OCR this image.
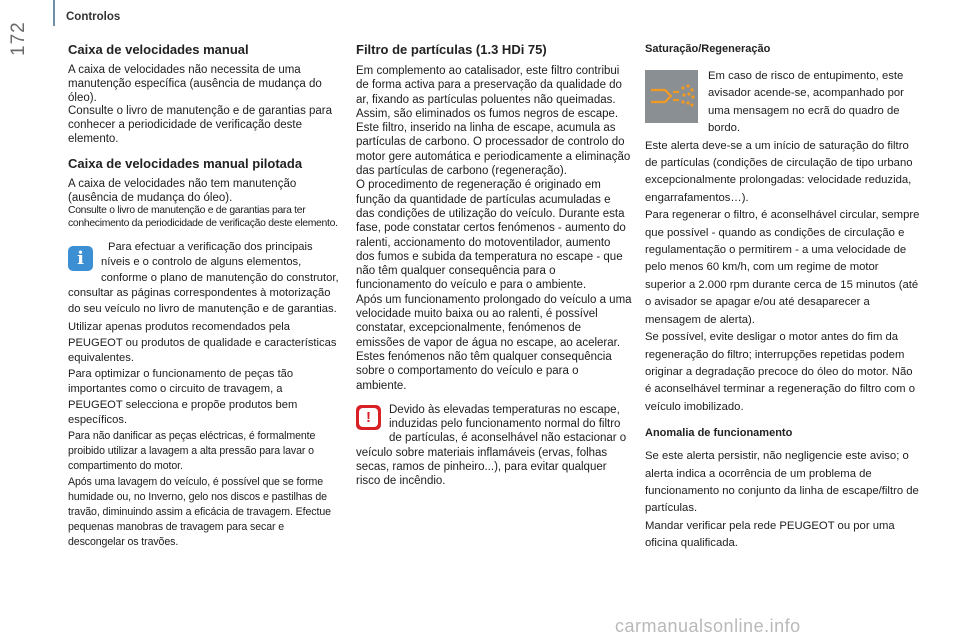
Controlos
172	Caixa de velocidades manual

A caixa de velocidades não necessita de uma manutenção específica (ausência de mudança do óleo).

Consulte o livro de manutenção e de garantias para conhecer a periodicidade de verificação deste elemento.

Caixa de velocidades manual pilotada

A caixa de velocidades não tem manutenção (ausência de mudança do óleo).

Consulte o livro de manutenção e de garantias para ter conhecimento da periodicidade de verificação deste elemento.

i

Para efectuar a verificação dos principais níveis e o controlo de alguns elementos, conforme o plano de manutenção do construtor, consultar as páginas correspondentes à motorização do seu veículo no livro de manutenção e de garantias.

Utilizar apenas produtos recomendados pela PEUGEOT ou produtos de qualidade e características equivalentes.

Para optimizar o funcionamento de peças tão importantes como o circuito de travagem, a PEUGEOT selecciona e propõe produtos bem específicos.

Para não danificar as peças eléctricas, é formalmente proibido utilizar a lavagem a alta pressão para lavar o compartimento do motor.

Após uma lavagem do veículo, é possível que se forme humidade ou, no Inverno, gelo nos discos e pastilhas de travão, diminuindo assim a eficácia de travagem. Efectue pequenas manobras de travagem para secar e descongelar os travões.

Filtro de partículas (1.3 HDi 75)

Em complemento ao catalisador, este filtro contribui de forma activa para a preservação da qualidade do ar, fixando as partículas poluentes não queimadas. Assim, são eliminados os fumos negros de escape.

Este filtro, inserido na linha de escape, acumula as partículas de carbono. O processador de controlo do motor gere automática e periodicamente a eliminação das partículas de carbono (regeneração).

O procedimento de regeneração é originado em função da quantidade de partículas acumuladas e das condições de utilização do veículo. Durante esta fase, pode constatar certos fenómenos - aumento do ralenti, accionamento do motoventilador, aumento dos fumos e subida da temperatura no escape - que não têm qualquer consequência para o funcionamento do veículo e para o ambiente.

Após um funcionamento prolongado do veículo a uma velocidade muito baixa ou ao ralenti, é possível constatar, excepcionalmente, fenómenos de emissões de vapor de água no escape, ao acelerar. Estes fenómenos não têm qualquer consequência sobre o comportamento do veículo e para o ambiente.

!	Devido às elevadas temperaturas no escape, induzidas pelo funcionamento normal do filtro de partículas, é aconselhável não estacionar o veículo sobre materiais inflamáveis (ervas, folhas secas, ramos de pinheiro...), para evitar qualquer risco de incêndio.

Saturação/Regeneração

Em caso de risco de entupimento, este avisador acende-se, acompanhado por uma mensagem no ecrã do quadro de bordo.

Este alerta deve-se a um início de saturação do filtro de partículas (condições de circulação de tipo urbano excepcionalmente prolongadas: velocidade reduzida, engarrafamentos…).

Para regenerar o filtro, é aconselhável circular, sempre que possível - quando as condições de circulação e regulamentação o permitirem - a uma velocidade de pelo menos 60 km/h, com um regime de motor superior a 2.000 rpm durante cerca de 15 minutos (até o avisador se apagar e/ou até desaparecer a mensagem de alerta).

Se possível, evite desligar o motor antes do fim da regeneração do filtro; interrupções repetidas podem originar a degradação precoce do óleo do motor. Não é aconselhável terminar a regeneração do filtro com o veículo imobilizado.

Anomalia de funcionamento

Se este alerta persistir, não negligencie este aviso; o alerta indica a ocorrência de um problema de funcionamento no conjunto da linha de escape/filtro de partículas.

Mandar verificar pela rede PEUGEOT ou por uma oficina qualificada.

carmanualsonline.info
